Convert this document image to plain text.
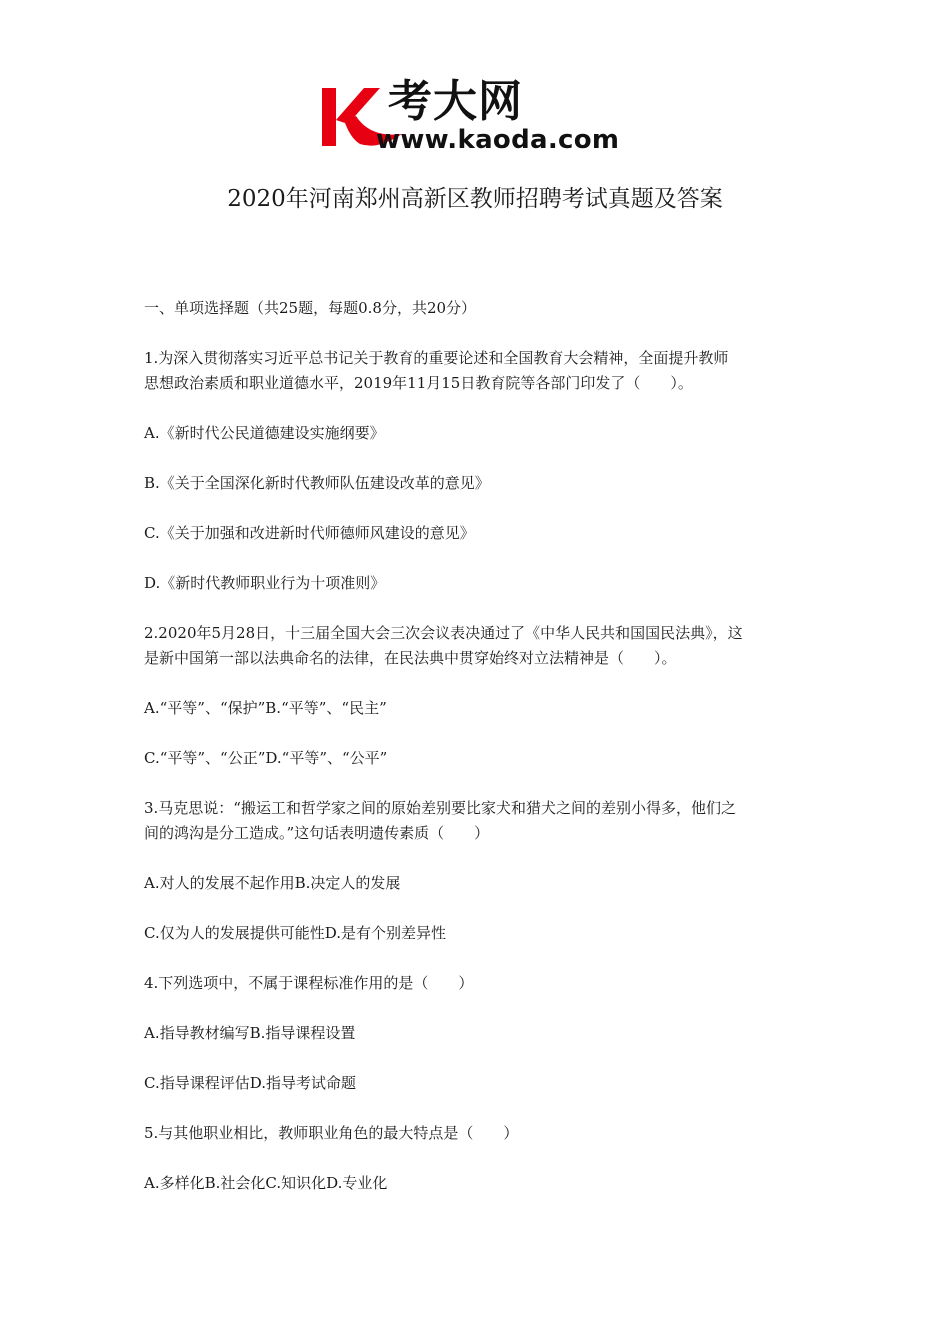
考大网
www.kaoda.com
2020年河南郑州高新区教师招聘考试真题及答案
一、单项选择题（共25题，每题0.8分，共20分）
1.为深入贯彻落实习近平总书记关于教育的重要论述和全国教育大会精神，全面提升教师
思想政治素质和职业道德水平，2019年11月15日教育院等各部门印发了（　　）。
A.《新时代公民道德建设实施纲要》
B.《关于全国深化新时代教师队伍建设改革的意见》
C.《关于加强和改进新时代师德师风建设的意见》
D.《新时代教师职业行为十项准则》
2.2020年5月28日，十三届全国大会三次会议表决通过了《中华人民共和国国民法典》，这
是新中国第一部以法典命名的法律，在民法典中贯穿始终对立法精神是（　　）。
A.“平等”、“保护”B.“平等”、“民主”
C.“平等”、“公正”D.“平等”、“公平”
3.马克思说：“搬运工和哲学家之间的原始差别要比家犬和猎犬之间的差别小得多，他们之
间的鸿沟是分工造成。”这句话表明遗传素质（　　）
A.对人的发展不起作用B.决定人的发展
C.仅为人的发展提供可能性D.是有个别差异性
4.下列选项中，不属于课程标准作用的是（　　）
A.指导教材编写B.指导课程设置
C.指导课程评估D.指导考试命题
5.与其他职业相比，教师职业角色的最大特点是（　　）
A.多样化B.社会化C.知识化D.专业化
